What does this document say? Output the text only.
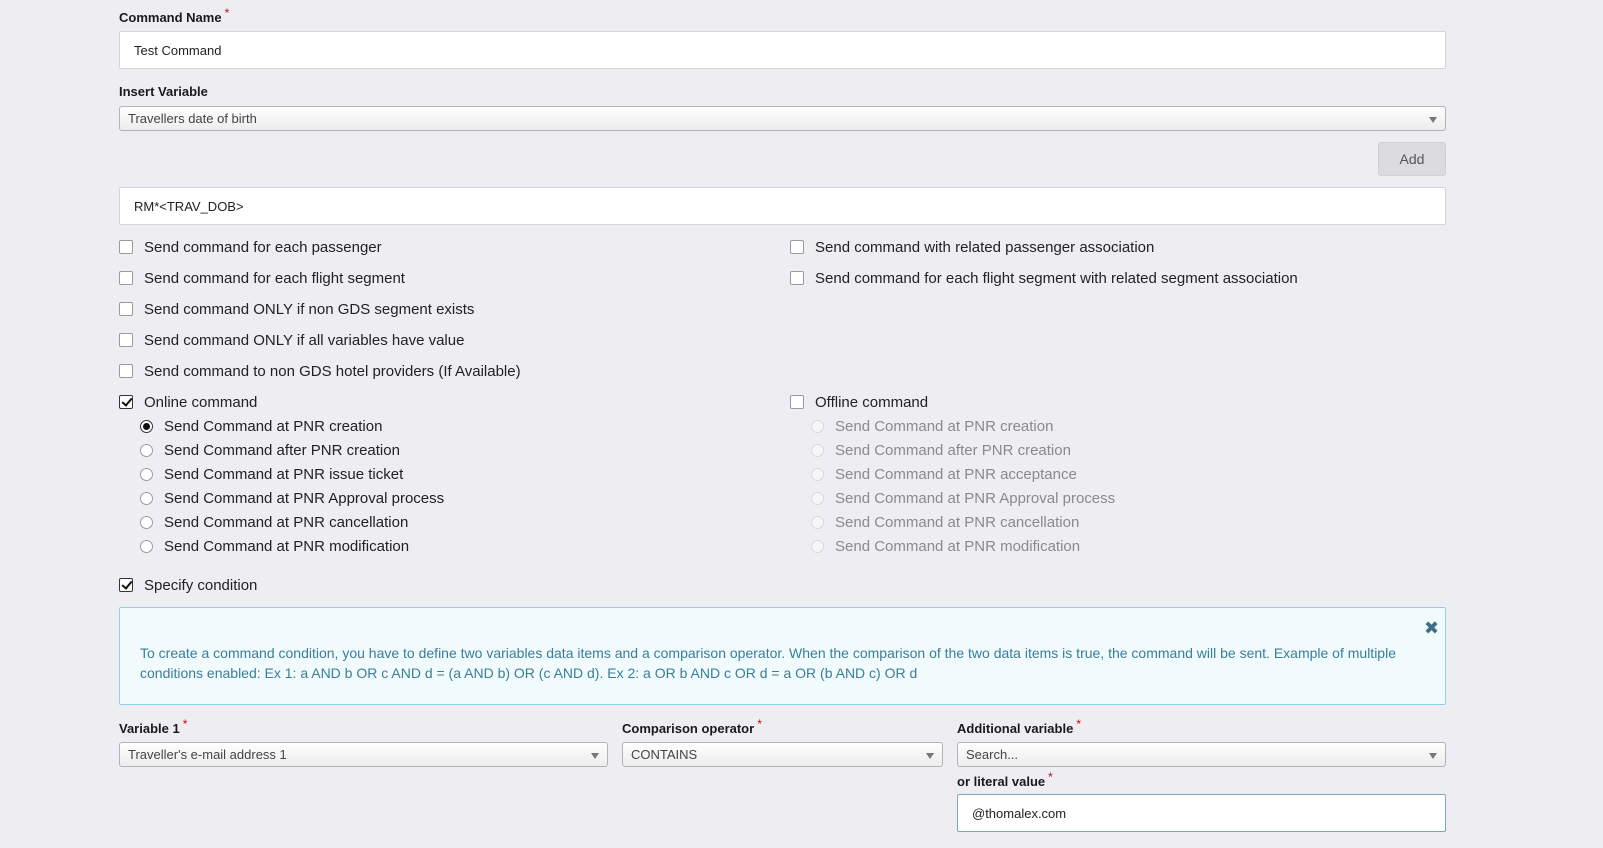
Command Name *
Test Command
Insert Variable
Travellers date of birth
Add
RM*<TRAV_DOB>
Send command for each passenger
Send command for each flight segment
Send command ONLY if non GDS segment exists
Send command ONLY if all variables have value
Send command to non GDS hotel providers (If Available)
Send command with related passenger association
Send command for each flight segment with related segment association
Online command
Send Command at PNR creation
Send Command after PNR creation
Send Command at PNR issue ticket
Send Command at PNR Approval process
Send Command at PNR cancellation
Send Command at PNR modification
Offline command
Send Command at PNR creation
Send Command after PNR creation
Send Command at PNR acceptance
Send Command at PNR Approval process
Send Command at PNR cancellation
Send Command at PNR modification
Specify condition
To create a command condition, you have to define two variables data items and a comparison operator. When the comparison of the two data items is true, the command will be sent. Example of multiple conditions enabled: Ex 1: a AND b OR c AND d = (a AND b) OR (c AND d). Ex 2: a OR b AND c OR d = a OR (b AND c) OR d
✖
Variable 1 *
Traveller's e-mail address 1
Comparison operator *
CONTAINS
Additional variable *
Search...
or literal value *
@thomalex.com
